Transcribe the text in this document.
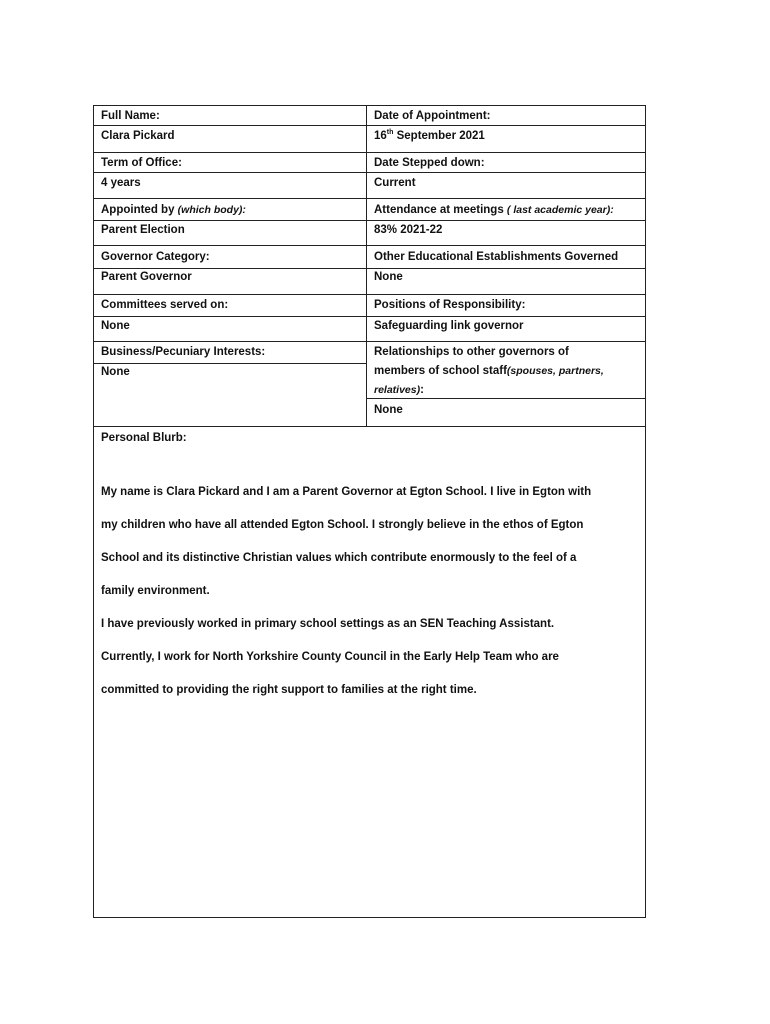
Full Name:
Clara Pickard
Date of Appointment:
16th September 2021
Term of Office:
4 years
Date Stepped down:
Current
Appointed by (which body):
Parent Election
Attendance at meetings ( last academic year):
83% 2021-22
Governor Category:
Parent Governor
Other Educational Establishments Governed
None
Committees served on:
None
Positions of Responsibility:
Safeguarding link governor
Business/Pecuniary Interests:
None
Relationships to other governors of
members of school staff(spouses, partners,
relatives):
None
Personal Blurb:

My name is Clara Pickard and I am a Parent Governor at Egton School. I live in Egton with

my children who have all attended Egton School. I strongly believe in the ethos of Egton

School and its distinctive Christian values which contribute enormously to the feel of a

family environment.

I have previously worked in primary school settings as an SEN Teaching Assistant.

Currently, I work for North Yorkshire County Council in the Early Help Team who are

committed to providing the right support to families at the right time.
